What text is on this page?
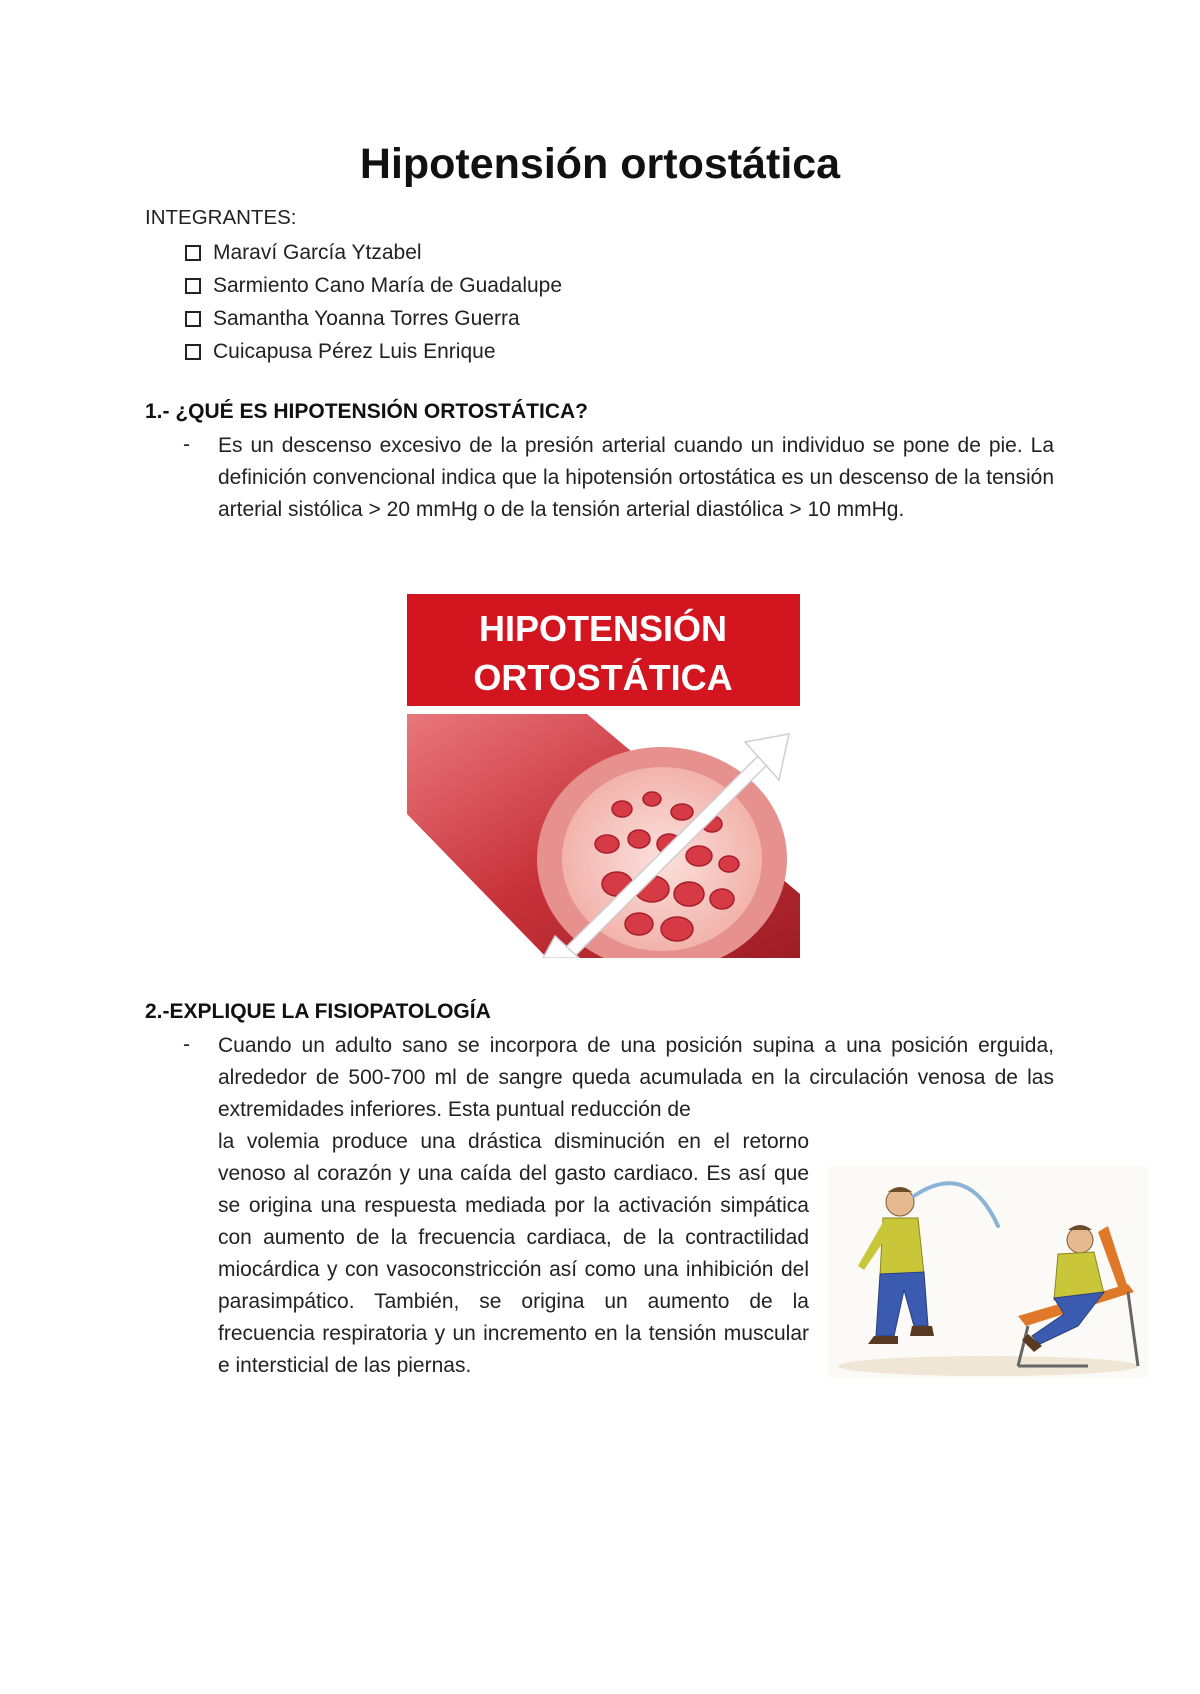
Hipotensión ortostática
INTEGRANTES:
Maraví García Ytzabel
Sarmiento Cano María de Guadalupe
Samantha Yoanna Torres Guerra
Cuicapusa Pérez Luis Enrique
1.- ¿QUÉ ES HIPOTENSIÓN ORTOSTÁTICA?
- Es un descenso excesivo de la presión arterial cuando un individuo se pone de pie. La definición convencional indica que la hipotensión ortostática es un descenso de la tensión arterial sistólica > 20 mmHg o de la tensión arterial diastólica > 10 mmHg.

HIPOTENSIÓN
ORTOSTÁTICA
2.-EXPLIQUE LA FISIOPATOLOGÍA
- Cuando un adulto sano se incorpora de una posición supina a una posición erguida, alrededor de 500-700 ml de sangre queda acumulada en la circulación venosa de las extremidades inferiores. Esta puntual reducción de

la volemia produce una drástica disminución en el retorno venoso al corazón y una caída del gasto cardiaco. Es así que se origina una respuesta mediada por la activación simpática con aumento de la frecuencia cardiaca, de la contractilidad miocárdica y con vasoconstricción así como una inhibición del parasimpático. También, se origina un aumento de la frecuencia respiratoria y un incremento en la tensión muscular e intersticial de las piernas.
